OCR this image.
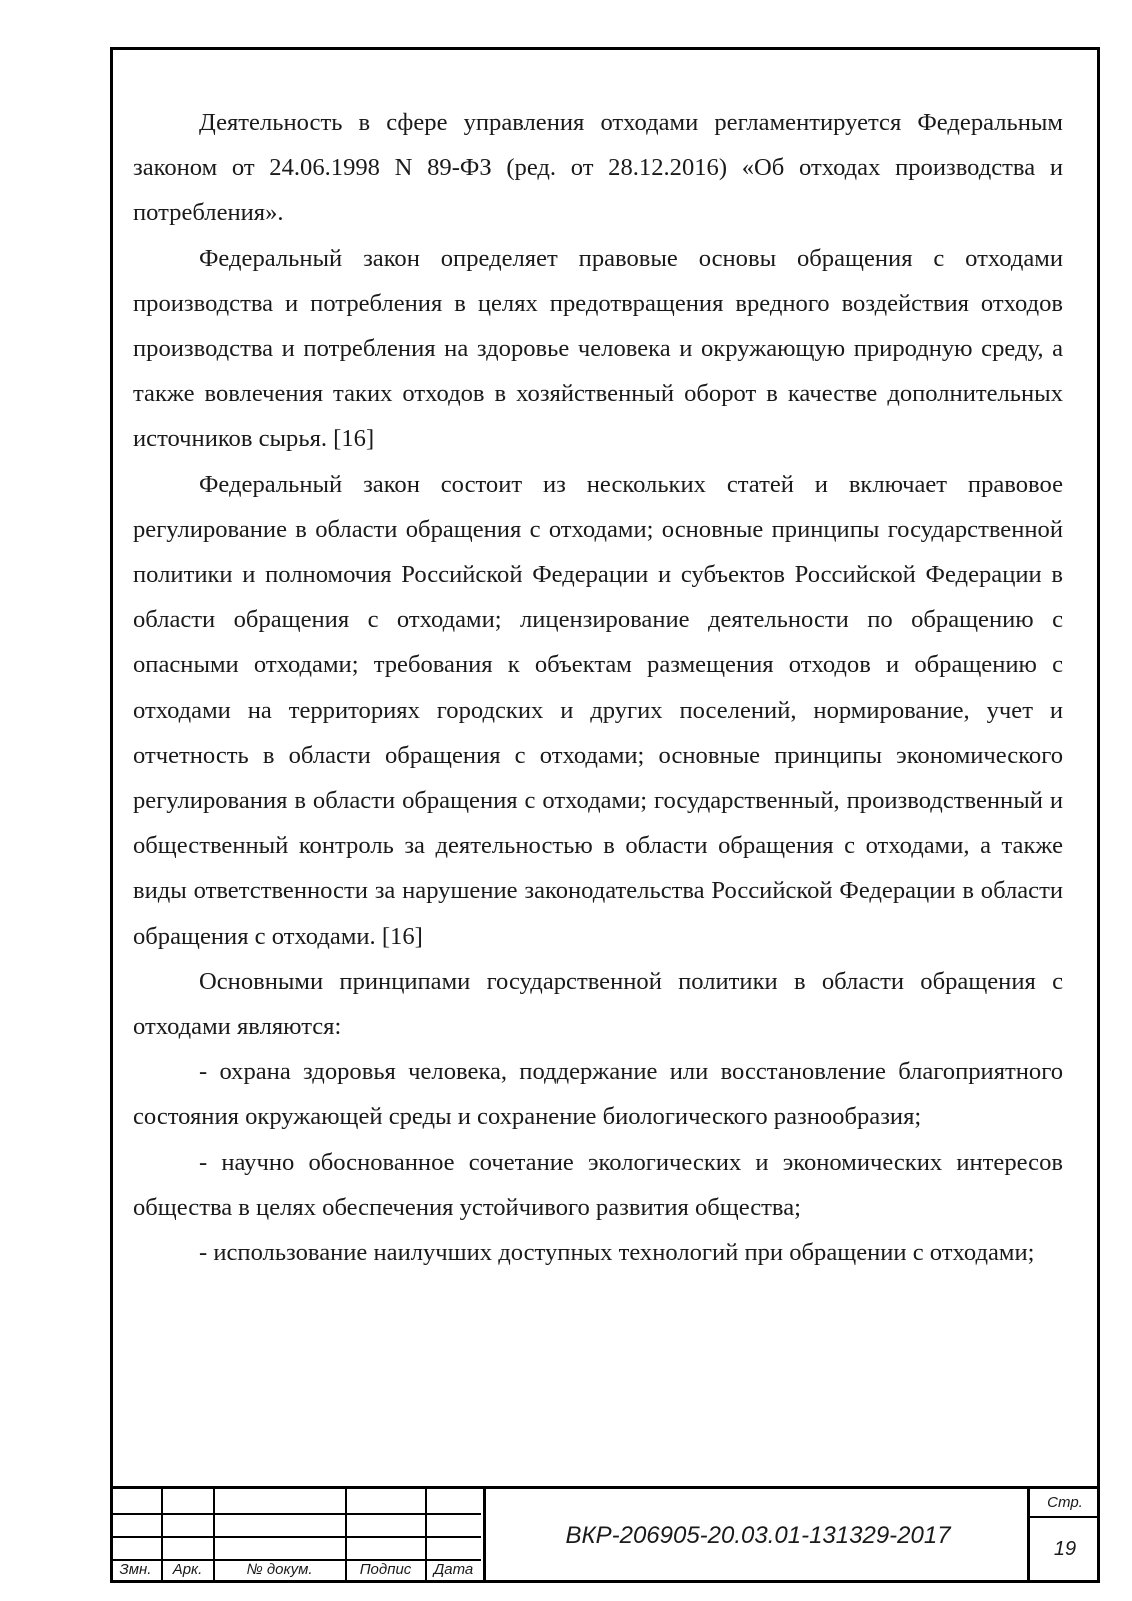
Деятельность в сфере управления отходами регламентируется Федеральным законом от 24.06.1998 N 89-ФЗ (ред. от 28.12.2016) «Об отходах производства и потребления».

Федеральный закон определяет правовые основы обращения с отходами производства и потребления в целях предотвращения вредного воздействия отходов производства и потребления на здоровье человека и окружающую природную среду, а также вовлечения таких отходов в хозяйственный оборот в качестве дополнительных источников сырья. [16]

Федеральный закон состоит из нескольких статей и включает правовое регулирование в области обращения с отходами; основные принципы государственной политики и полномочия Российской Федерации и субъектов Российской Федерации в области обращения с отходами; лицензирование деятельности по обращению с опасными отходами; требования к объектам размещения отходов и обращению с отходами на территориях городских и других поселений, нормирование, учет и отчетность в области обращения с отходами; основные принципы экономического регулирования в области обращения с отходами; государственный, производственный и общественный контроль за деятельностью в области обращения с отходами, а также виды ответственности за нарушение законодательства Российской Федерации в области обращения с отходами. [16]

Основными принципами государственной политики в области обращения с отходами являются:

- охрана здоровья человека, поддержание или восстановление благоприятного состояния окружающей среды и сохранение биологического разнообразия;

- научно обоснованное сочетание экологических и экономических интересов общества в целях обеспечения устойчивого развития общества;

- использование наилучших доступных технологий при обращении с отходами;

Змн.	Арк.	№ докум.	Подпис	Дата
ВКР-206905-20.03.01-131329-2017
Стр.
19
